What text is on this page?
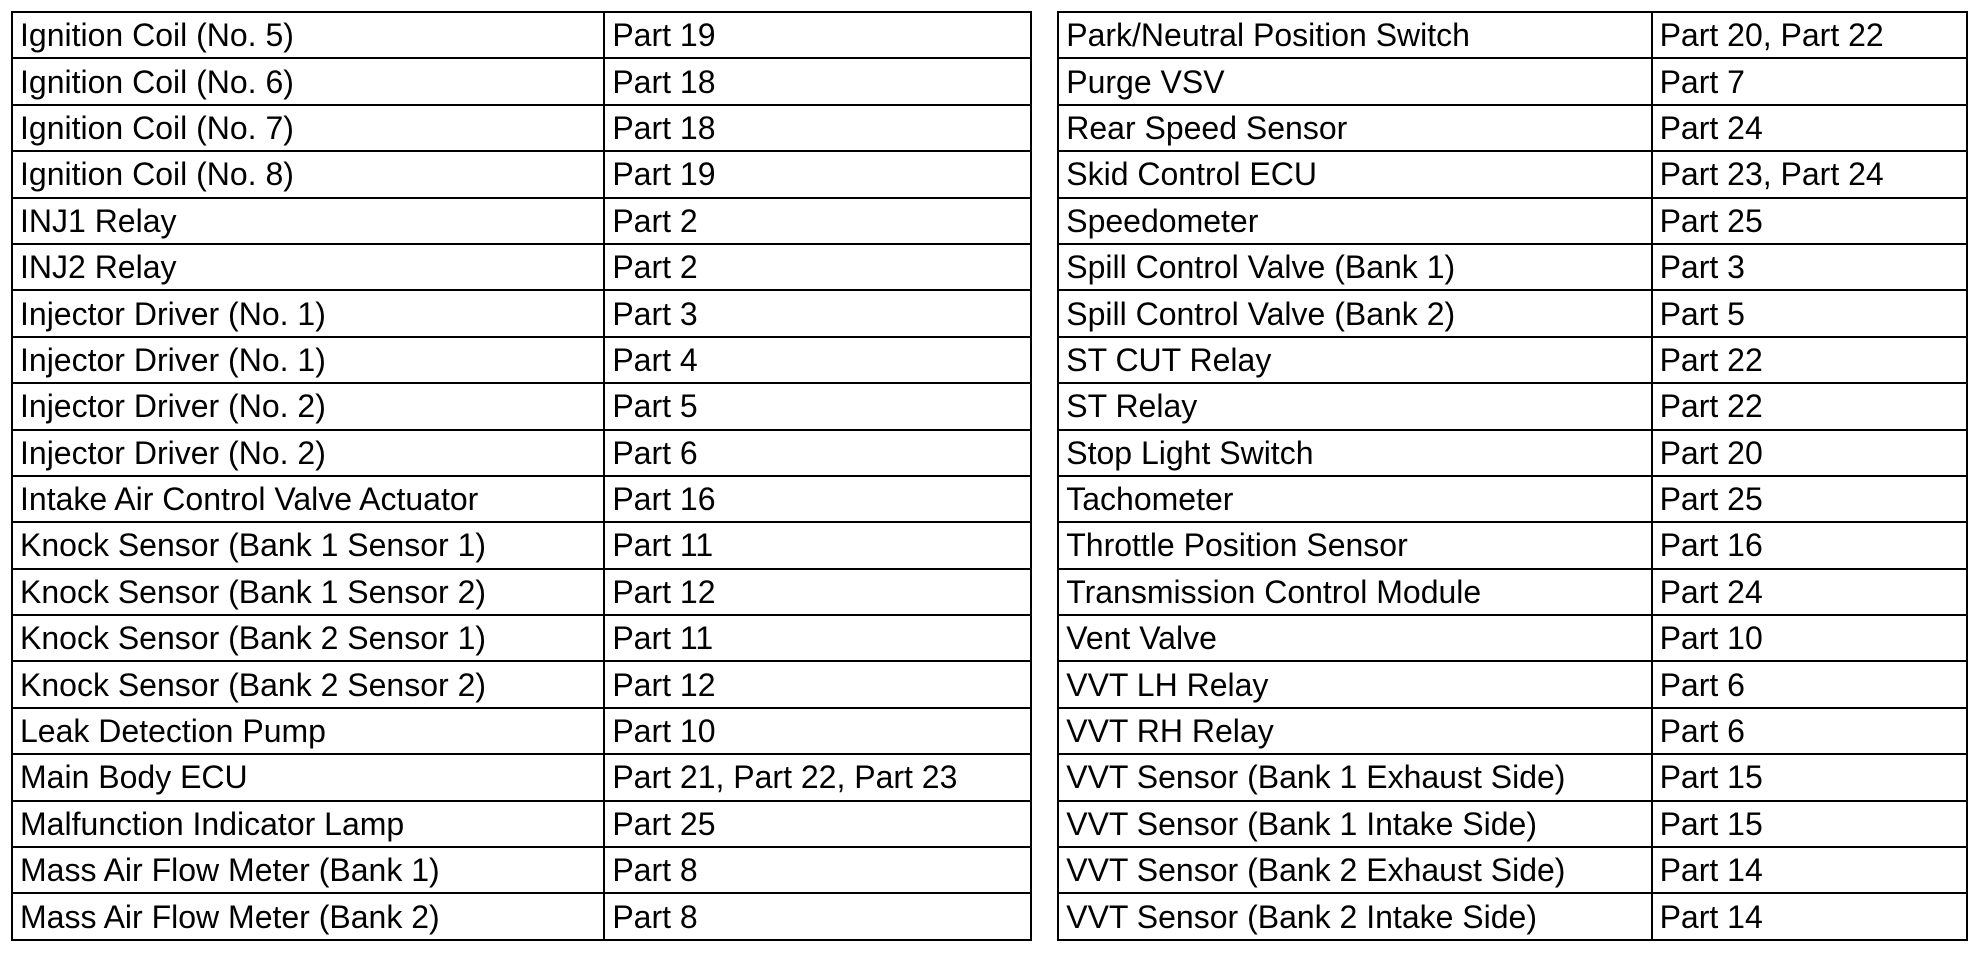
Ignition Coil (No. 5)	Part 19		Park/Neutral Position Switch	Part 20, Part 22
Ignition Coil (No. 6)	Part 18		Purge VSV	Part 7
Ignition Coil (No. 7)	Part 18		Rear Speed Sensor	Part 24
Ignition Coil (No. 8)	Part 19		Skid Control ECU	Part 23, Part 24
INJ1 Relay	Part 2		Speedometer	Part 25
INJ2 Relay	Part 2		Spill Control Valve (Bank 1)	Part 3
Injector Driver (No. 1)	Part 3		Spill Control Valve (Bank 2)	Part 5
Injector Driver (No. 1)	Part 4		ST CUT Relay	Part 22
Injector Driver (No. 2)	Part 5		ST Relay	Part 22
Injector Driver (No. 2)	Part 6		Stop Light Switch	Part 20
Intake Air Control Valve Actuator	Part 16		Tachometer	Part 25
Knock Sensor (Bank 1 Sensor 1)	Part 11		Throttle Position Sensor	Part 16
Knock Sensor (Bank 1 Sensor 2)	Part 12		Transmission Control Module	Part 24
Knock Sensor (Bank 2 Sensor 1)	Part 11		Vent Valve	Part 10
Knock Sensor (Bank 2 Sensor 2)	Part 12		VVT LH Relay	Part 6
Leak Detection Pump	Part 10		VVT RH Relay	Part 6
Main Body ECU	Part 21, Part 22, Part 23		VVT Sensor (Bank 1 Exhaust Side)	Part 15
Malfunction Indicator Lamp	Part 25		VVT Sensor (Bank 1 Intake Side)	Part 15
Mass Air Flow Meter (Bank 1)	Part 8		VVT Sensor (Bank 2 Exhaust Side)	Part 14
Mass Air Flow Meter (Bank 2)	Part 8		VVT Sensor (Bank 2 Intake Side)	Part 14
